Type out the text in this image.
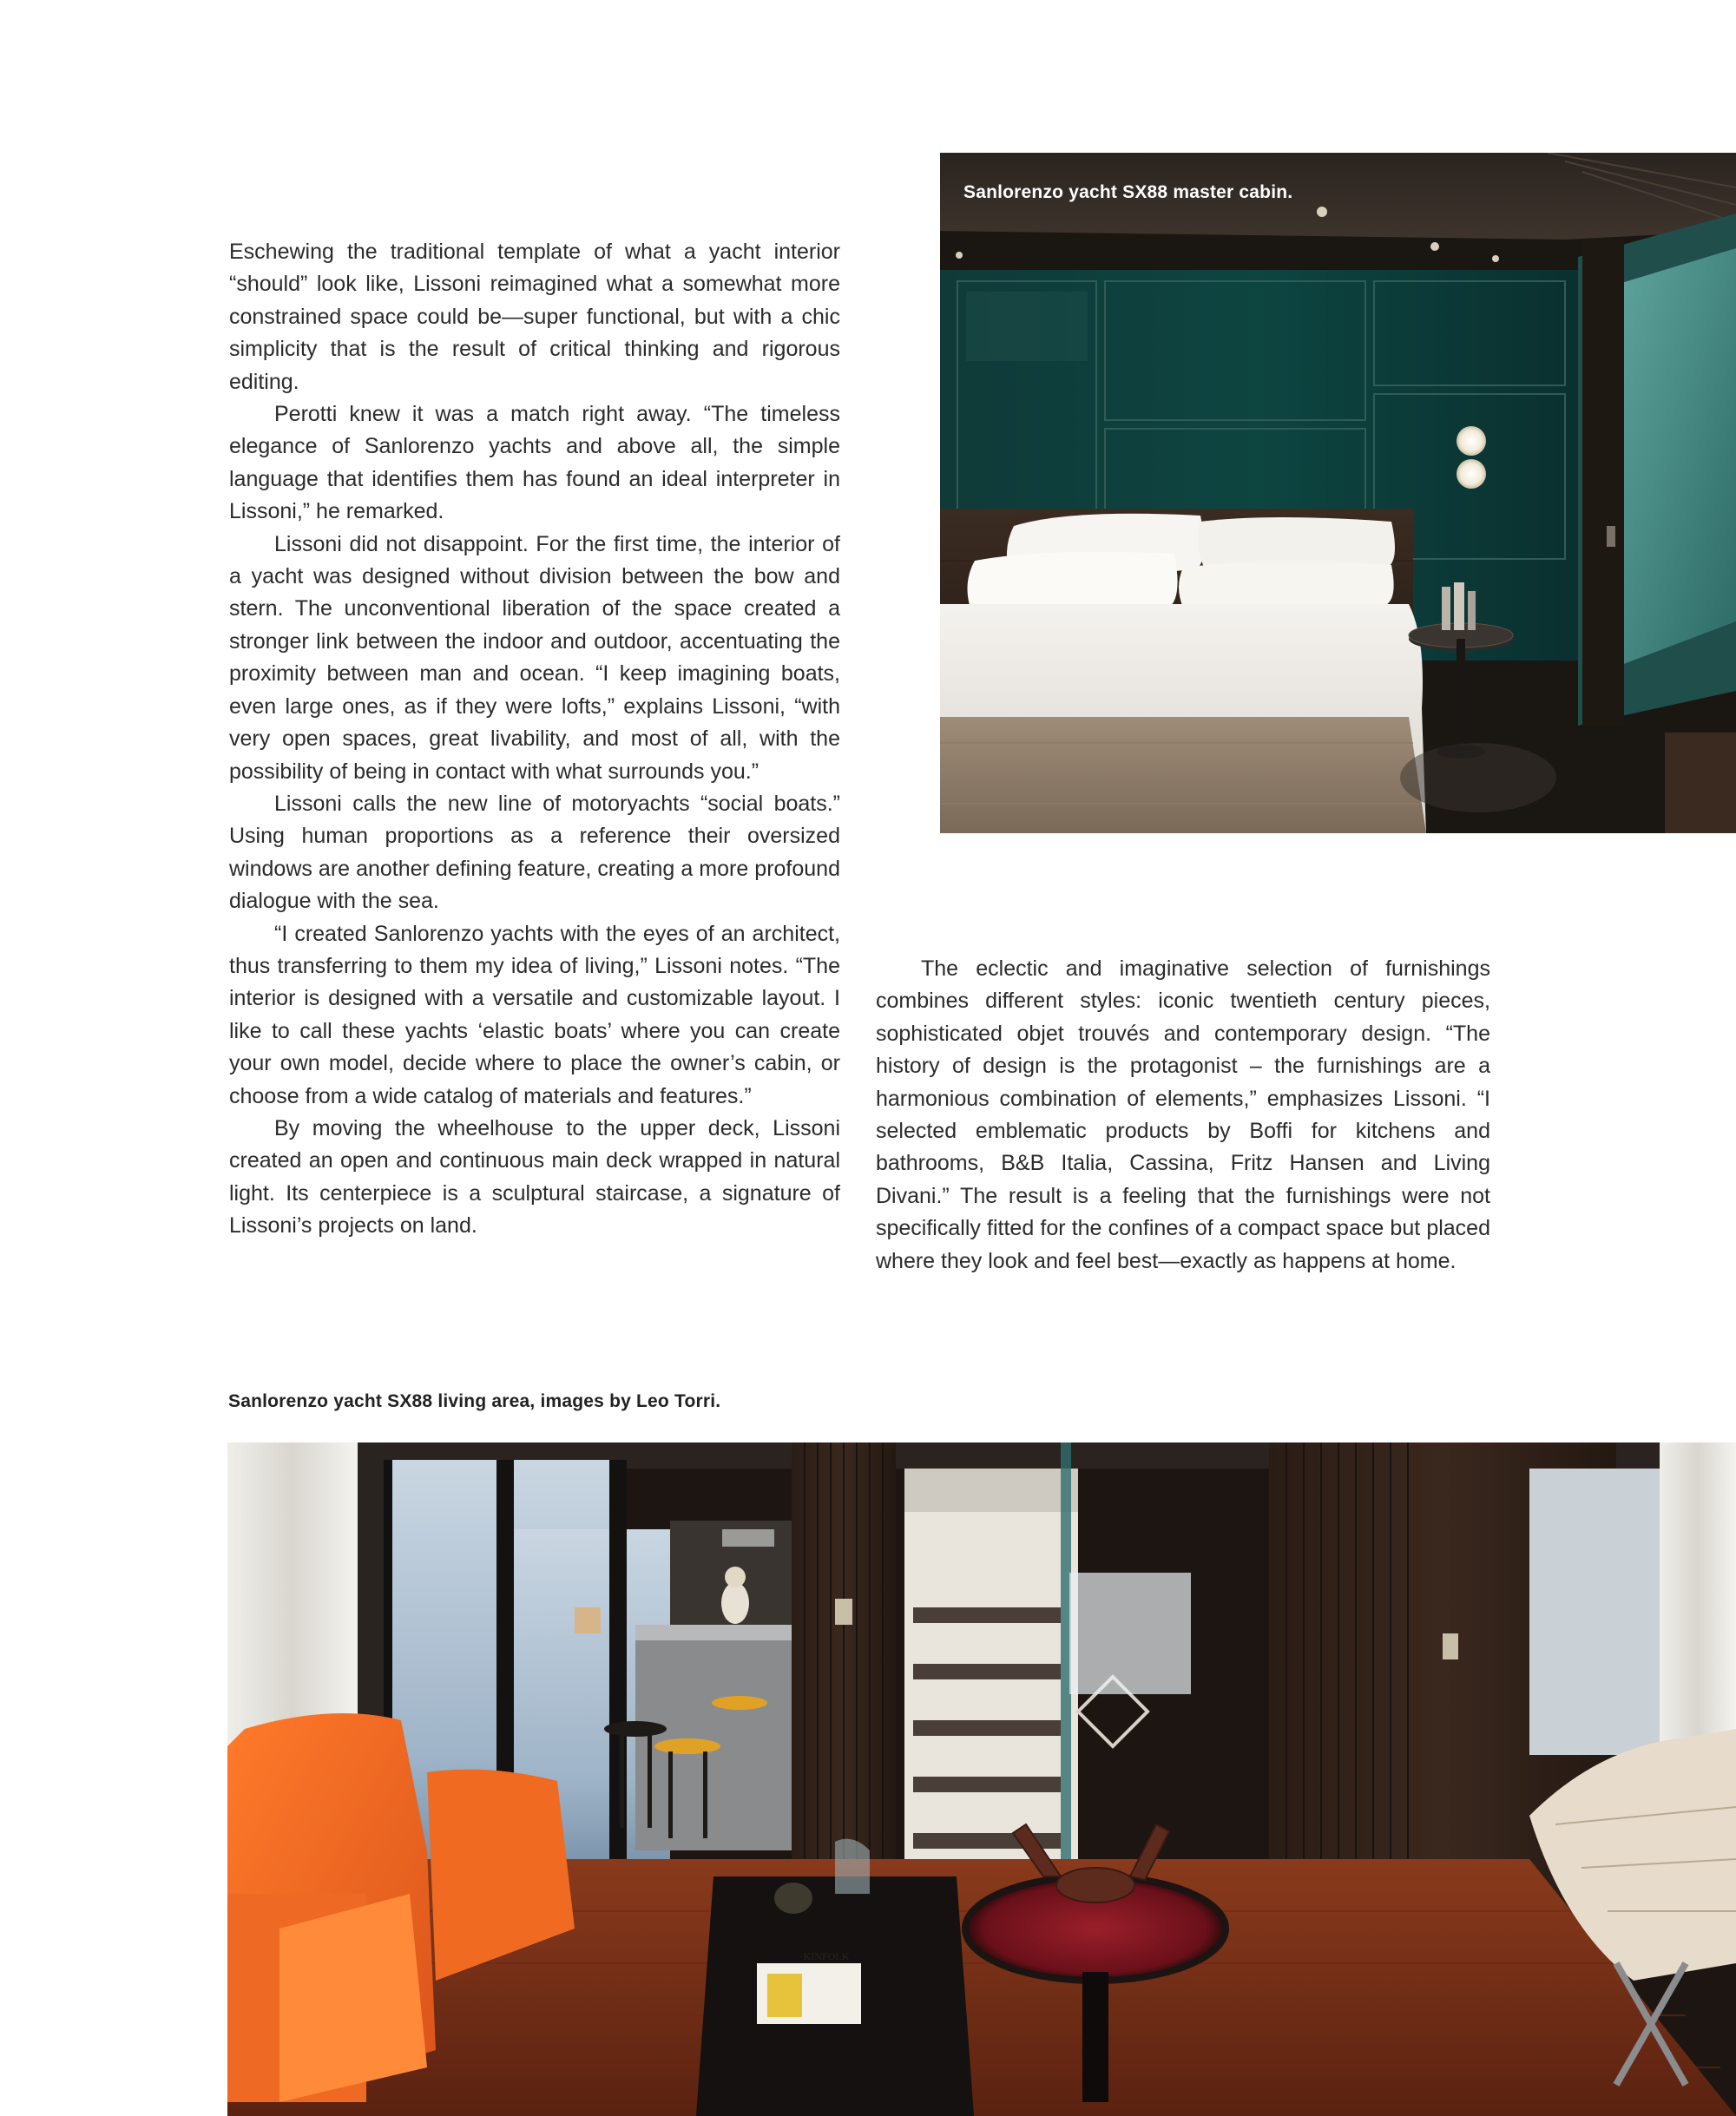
Eschewing the traditional template of what a yacht interior “should” look like, Lissoni reimagined what a somewhat more constrained space could be—super functional, but with a chic simplicity that is the result of critical thinking and rigorous editing.

Perotti knew it was a match right away. “The timeless elegance of Sanlorenzo yachts and above all, the simple language that identifies them has found an ideal interpreter in Lissoni,” he remarked.

Lissoni did not disappoint. For the first time, the interior of a yacht was designed without division between the bow and stern. The unconventional liberation of the space created a stronger link between the indoor and outdoor, accentuating the proximity between man and ocean. “I keep imagining boats, even large ones, as if they were lofts,” explains Lissoni, “with very open spaces, great livability, and most of all, with the possibility of being in contact with what surrounds you.”

Lissoni calls the new line of motoryachts “social boats.” Using human proportions as a reference their oversized windows are another defining feature, creating a more profound dialogue with the sea.

“I created Sanlorenzo yachts with the eyes of an architect, thus transferring to them my idea of living,” Lissoni notes. “The interior is designed with a versatile and customizable layout. I like to call these yachts ‘elastic boats’ where you can create your own model, decide where to place the owner’s cabin, or choose from a wide catalog of materials and features.”

By moving the wheelhouse to the upper deck, Lissoni created an open and continuous main deck wrapped in natural light. Its centerpiece is a sculptural staircase, a signature of Lissoni’s projects on land.

The eclectic and imaginative selection of furnishings combines different styles: iconic twentieth century pieces, sophisticated objet trouvés and contemporary design. “The history of design is the protagonist – the furnishings are a harmonious combination of elements,” emphasizes Lissoni. “I selected emblematic products by Boffi for kitchens and bathrooms, B&B Italia, Cassina, Fritz Hansen and Living Divani.” The result is a feeling that the furnishings were not specifically fitted for the confines of a compact space but placed where they look and feel best—exactly as happens at home.

Sanlorenzo yacht SX88 master cabin.
Sanlorenzo yacht SX88 living area, images by Leo Torri.
KINFOLK
